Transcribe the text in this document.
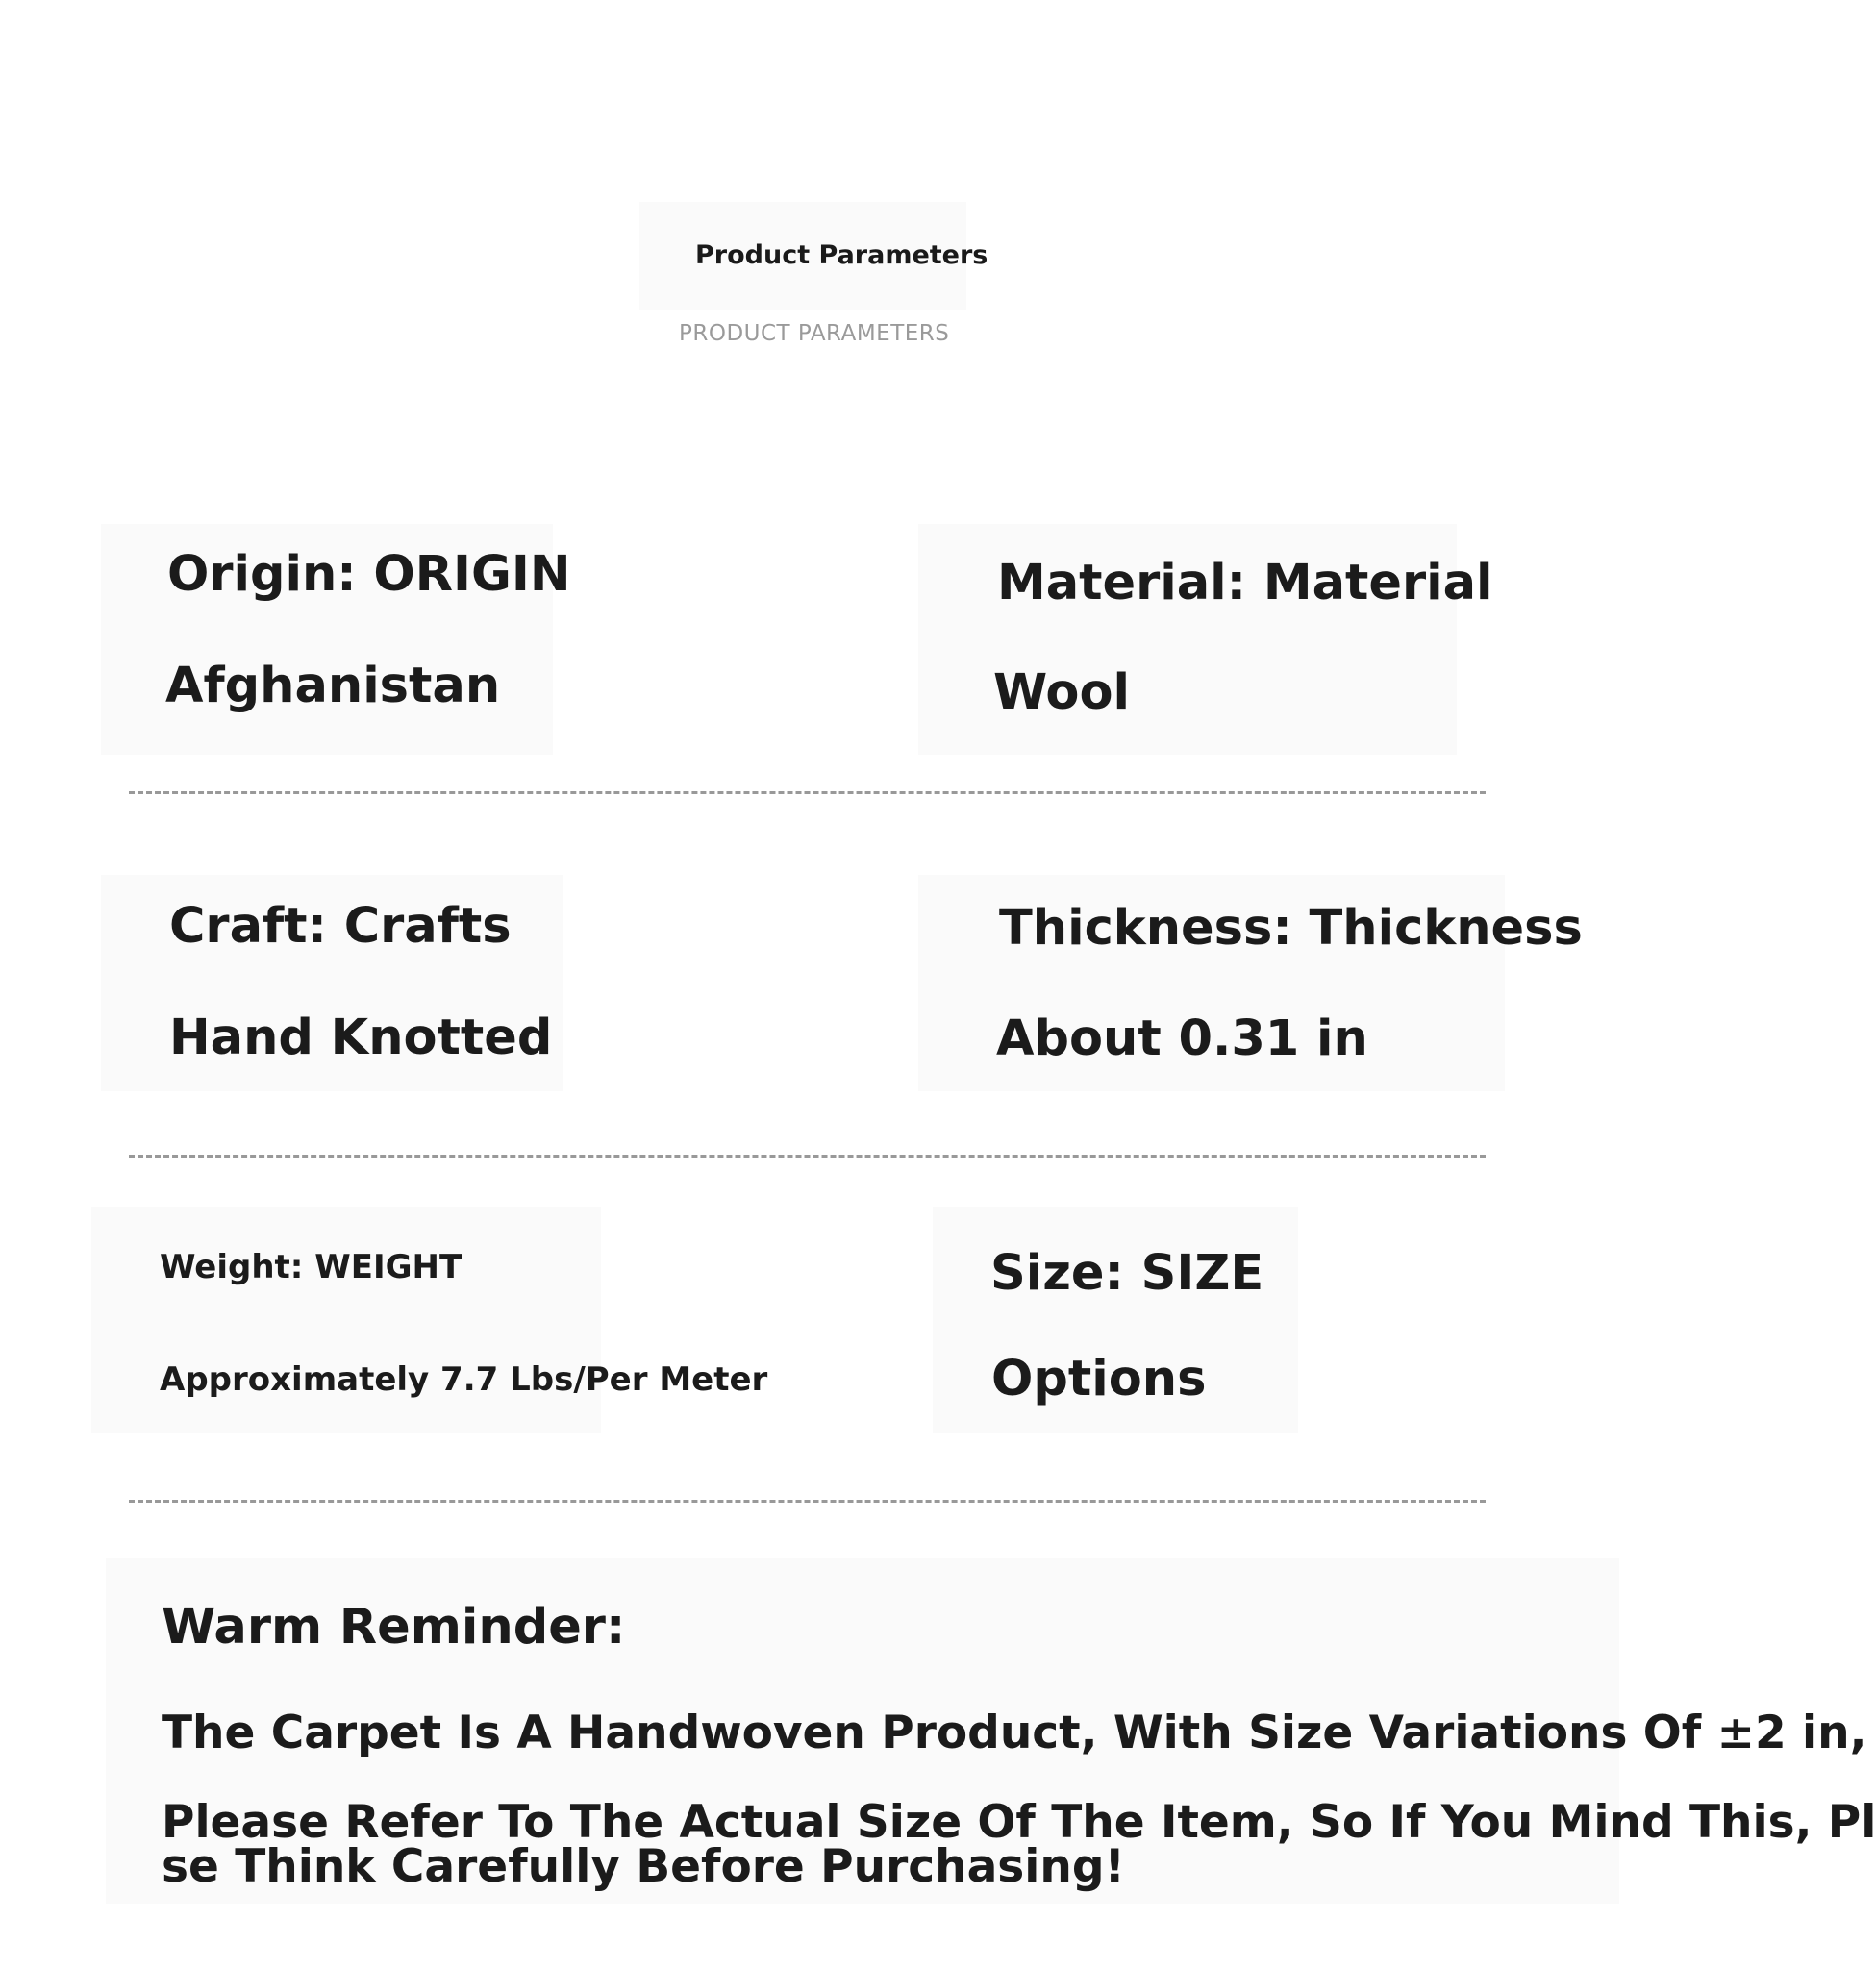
Product Parameters
PRODUCT PARAMETERS
Origin: ORIGIN
Afghanistan
Material: Material
Wool
Craft: Crafts
Hand Knotted
Thickness: Thickness
About 0.31 in
Weight: WEIGHT
Approximately 7.7 Lbs/Per Meter
Size: SIZE
Options
Warm Reminder:
The Carpet Is A Handwoven Product, With Size Variations Of ±2 in,
Please Refer To The Actual Size Of The Item, So If You Mind This, Pl
se Think Carefully Before Purchasing!
